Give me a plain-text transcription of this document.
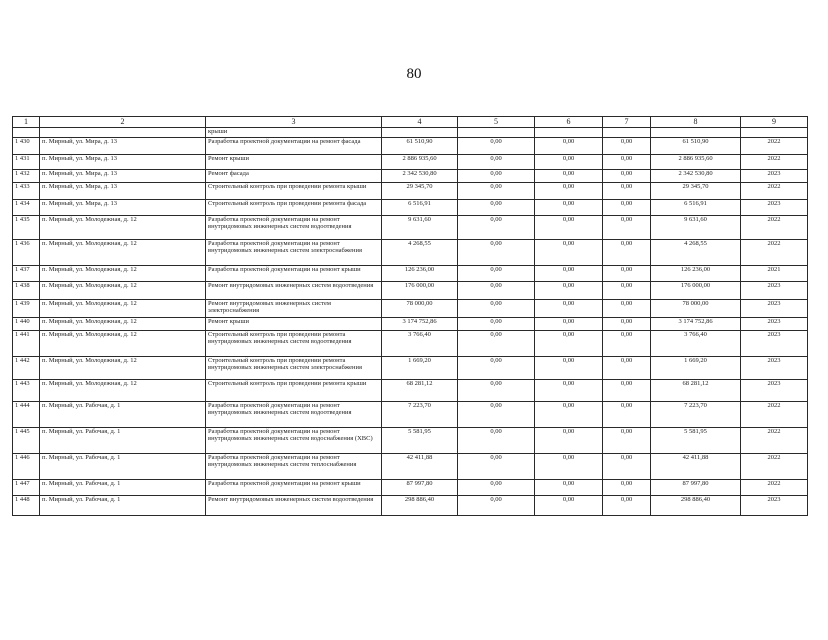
80
1	2	3	4	5	6	7	8	9
		крыши						
1 430	п. Мирный, ул. Мира, д. 13	Разработка проектной документации на ремонт фасада	61 510,90	0,00	0,00	0,00	61 510,90	2022
1 431	п. Мирный, ул. Мира, д. 13	Ремонт крыши	2 886 935,60	0,00	0,00	0,00	2 886 935,60	2022
1 432	п. Мирный, ул. Мира, д. 13	Ремонт фасада	2 342 530,80	0,00	0,00	0,00	2 342 530,80	2023
1 433	п. Мирный, ул. Мира, д. 13	Строительный контроль при проведении ремонта крыши	29 345,70	0,00	0,00	0,00	29 345,70	2022
1 434	п. Мирный, ул. Мира, д. 13	Строительный контроль при проведении ремонта фасада	6 516,91	0,00	0,00	0,00	6 516,91	2023
1 435	п. Мирный, ул. Молодежная, д. 12	Разработка проектной документации на ремонт внутридомовых инженерных систем водоотведения	9 631,60	0,00	0,00	0,00	9 631,60	2022
1 436	п. Мирный, ул. Молодежная, д. 12	Разработка проектной документации на ремонт внутридомовых инженерных систем электроснабжения	4 268,55	0,00	0,00	0,00	4 268,55	2022
1 437	п. Мирный, ул. Молодежная, д. 12	Разработка проектной документации на ремонт крыши	126 236,00	0,00	0,00	0,00	126 236,00	2021
1 438	п. Мирный, ул. Молодежная, д. 12	Ремонт внутридомовых инженерных систем водоотведения	176 000,00	0,00	0,00	0,00	176 000,00	2023
1 439	п. Мирный, ул. Молодежная, д. 12	Ремонт внутридомовых инженерных систем электроснабжения	78 000,00	0,00	0,00	0,00	78 000,00	2023
1 440	п. Мирный, ул. Молодежная, д. 12	Ремонт крыши	3 174 752,86	0,00	0,00	0,00	3 174 752,86	2023
1 441	п. Мирный, ул. Молодежная, д. 12	Строительный контроль при проведении ремонта внутридомовых инженерных систем водоотведения	3 766,40	0,00	0,00	0,00	3 766,40	2023
1 442	п. Мирный, ул. Молодежная, д. 12	Строительный контроль при проведении ремонта внутридомовых инженерных систем электроснабжения	1 669,20	0,00	0,00	0,00	1 669,20	2023
1 443	п. Мирный, ул. Молодежная, д. 12	Строительный контроль при проведении ремонта крыши	68 281,12	0,00	0,00	0,00	68 281,12	2023
1 444	п. Мирный, ул. Рабочая, д. 1	Разработка проектной документации на ремонт внутридомовых инженерных систем водоотведения	7 223,70	0,00	0,00	0,00	7 223,70	2022
1 445	п. Мирный, ул. Рабочая, д. 1	Разработка проектной документации на ремонт внутридомовых инженерных систем водоснабжения (ХВС)	5 581,95	0,00	0,00	0,00	5 581,95	2022
1 446	п. Мирный, ул. Рабочая, д. 1	Разработка проектной документации на ремонт внутридомовых инженерных систем теплоснабжения	42 411,88	0,00	0,00	0,00	42 411,88	2022
1 447	п. Мирный, ул. Рабочая, д. 1	Разработка проектной документации на ремонт крыши	87 997,80	0,00	0,00	0,00	87 997,80	2022
1 448	п. Мирный, ул. Рабочая, д. 1	Ремонт внутридомовых инженерных систем водоотведения	298 886,40	0,00	0,00	0,00	298 886,40	2023
